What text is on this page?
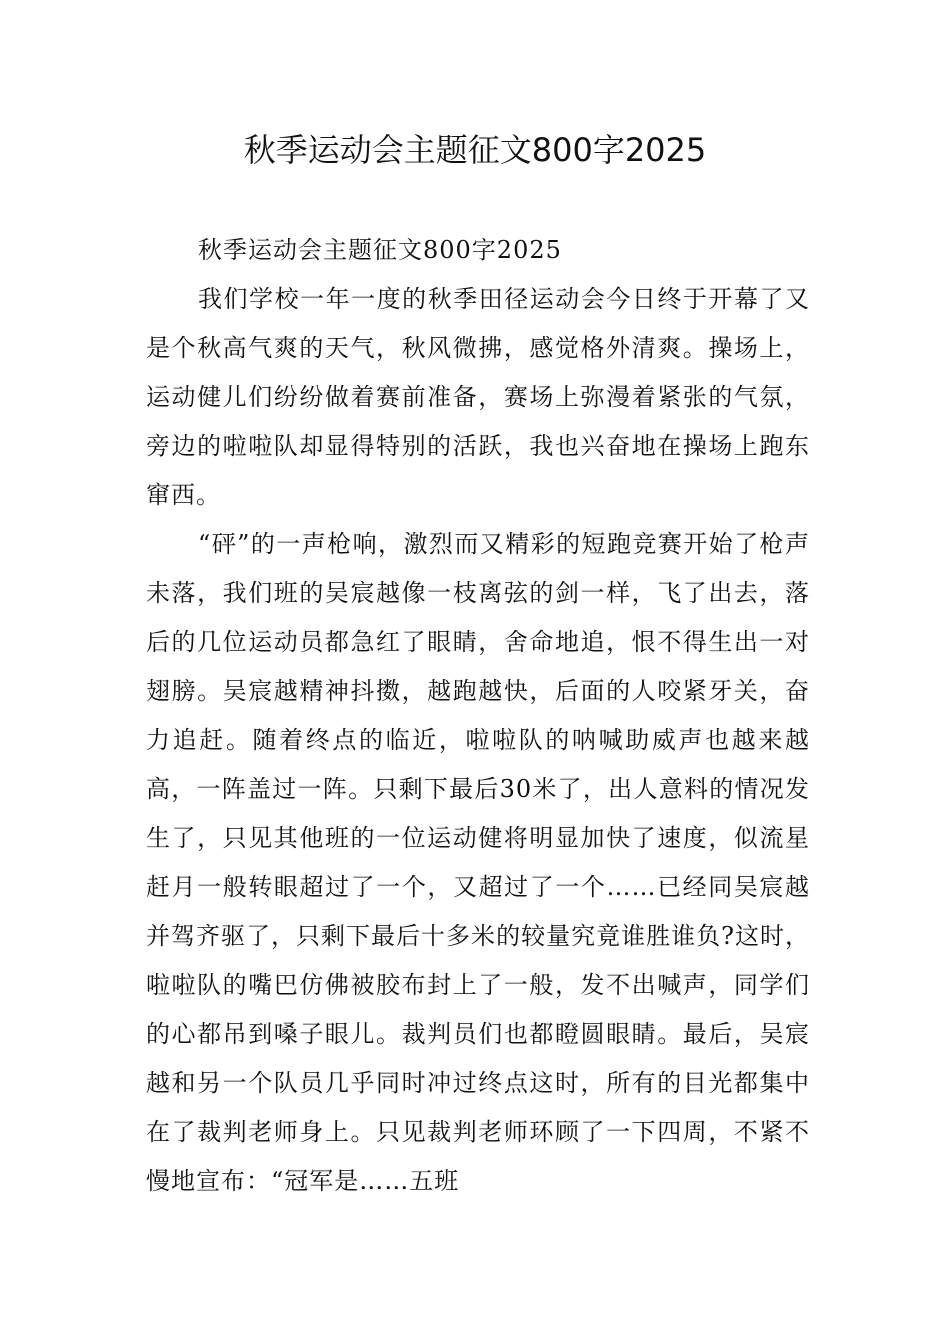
秋季运动会主题征文800字2025

秋季运动会主题征文800字2025

我们学校一年一度的秋季田径运动会今日终于开幕了又是个秋高气爽的天气，秋风微拂，感觉格外清爽。操场上，运动健儿们纷纷做着赛前准备，赛场上弥漫着紧张的气氛，旁边的啦啦队却显得特别的活跃，我也兴奋地在操场上跑东窜西。

“砰”的一声枪响，激烈而又精彩的短跑竞赛开始了枪声未落，我们班的吴宸越像一枝离弦的剑一样，飞了出去，落后的几位运动员都急红了眼睛，舍命地追，恨不得生出一对翅膀。吴宸越精神抖擞，越跑越快，后面的人咬紧牙关，奋力追赶。随着终点的临近，啦啦队的呐喊助威声也越来越高，一阵盖过一阵。只剩下最后30米了，出人意料的情况发生了，只见其他班的一位运动健将明显加快了速度，似流星赶月一般转眼超过了一个，又超过了一个……已经同吴宸越并驾齐驱了，只剩下最后十多米的较量究竟谁胜谁负?这时，啦啦队的嘴巴仿佛被胶布封上了一般，发不出喊声，同学们的心都吊到嗓子眼儿。裁判员们也都瞪圆眼睛。最后，吴宸越和另一个队员几乎同时冲过终点这时，所有的目光都集中在了裁判老师身上。只见裁判老师环顾了一下四周，不紧不慢地宣布：“冠军是……五班
